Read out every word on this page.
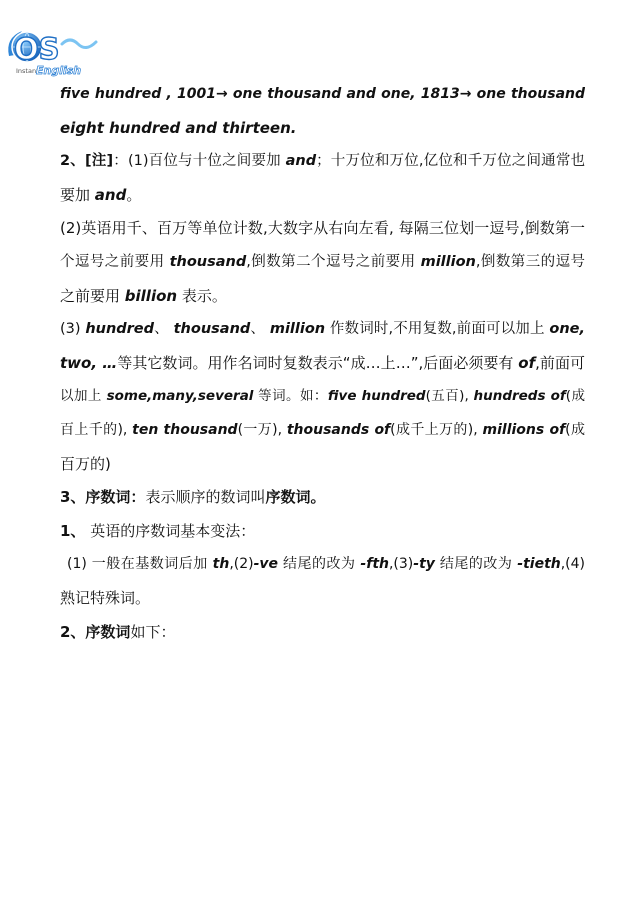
OS
Instant
English
five hundred , 1001→ one thousand and one, 1813→ one thousand
eight hundred and thirteen.
2、[注]：(1)百位与十位之间要加 and；十万位和万位,亿位和千万位之间通常也
要加 and。
(2)英语用千、百万等单位计数,大数字从右向左看, 每隔三位划一逗号,倒数第一
个逗号之前要用 thousand,倒数第二个逗号之前要用 million,倒数第三的逗号
之前要用 billion 表示。
(3) hundred、 thousand、 million 作数词时,不用复数,前面可以加上 one,
two, …等其它数词。用作名词时复数表示“成…上…”,后面必须要有 of,前面可
以加上 some,many,several 等词。如：five hundred(五百), hundreds of(成
百上千的), ten thousand(一万), thousands of(成千上万的), millions of(成
百万的)
3、序数词：表示顺序的数词叫序数词。
1、 英语的序数词基本变法：
(1) 一般在基数词后加 th,(2)-ve 结尾的改为 -fth,(3)-ty 结尾的改为 -tieth,(4)
熟记特殊词。
2、序数词如下：
